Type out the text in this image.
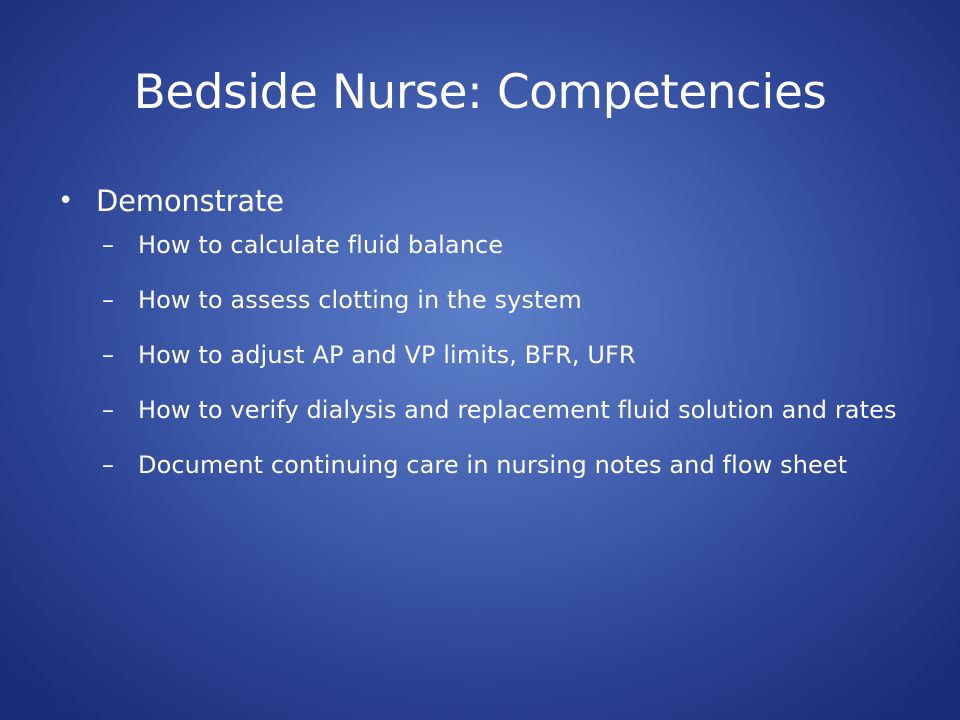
Bedside Nurse: Competencies
• Demonstrate
– How to calculate fluid balance
– How to assess clotting in the system
– How to adjust AP and VP limits, BFR, UFR
– How to verify dialysis and replacement fluid solution and rates
– Document continuing care in nursing notes and flow sheet
